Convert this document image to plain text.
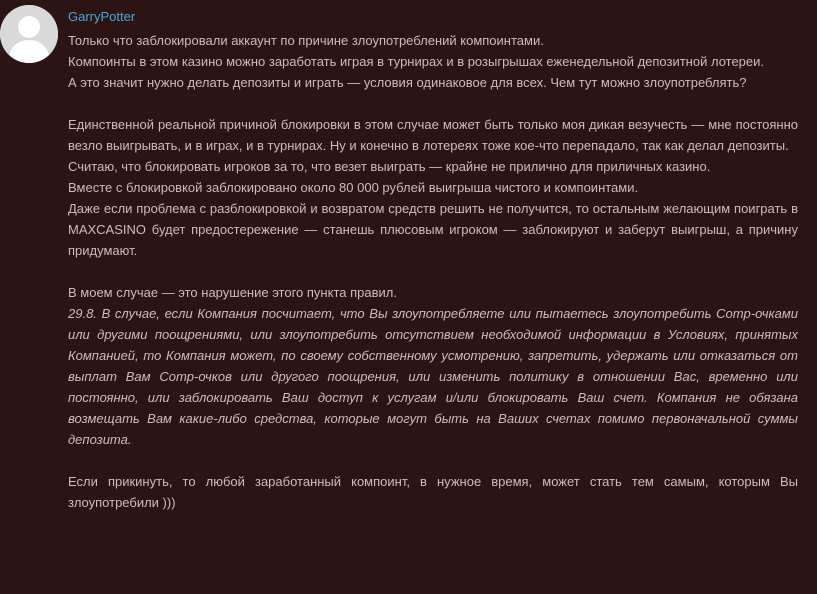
GarryPotter

Только что заблокировали аккаунт по причине злоупотреблений компоинтами.

Компоинты в этом казино можно заработать играя в турнирах и в розыгрышах еженедельной депозитной лотереи.

А это значит нужно делать депозиты и играть — условия одинаковое для всех. Чем тут можно злоупотреблять?

Единственной реальной причиной блокировки в этом случае может быть только моя дикая везучесть — мне постоянно везло выигрывать, и в играх, и в турнирах. Ну и конечно в лотереях тоже кое-что перепадало, так как делал депозиты.

Считаю, что блокировать игроков за то, что везет выиграть — крайне не прилично для приличных казино.

Вместе с блокировкой заблокировано около 80 000 рублей выигрыша чистого и компоинтами.

Даже если проблема с разблокировкой и возвратом средств решить не получится, то остальным желающим поиграть в MAXCASINO будет предостережение — станешь плюсовым игроком — заблокируют и заберут выигрыш, а причину придумают.

В моем случае — это нарушение этого пункта правил.

29.8. В случае, если Компания посчитает, что Вы злоупотребляете или пытаетесь злоупотребить Comp-очками или другими поощрениями, или злоупотребить отсутствием необходимой информации в Условиях, принятых Компанией, то Компания может, по своему собственному усмотрению, запретить, удержать или отказаться от выплат Вам Comp-очков или другого поощрения, или изменить политику в отношении Вас, временно или постоянно, или заблокировать Ваш доступ к услугам и/или блокировать Ваш счет. Компания не обязана возмещать Вам какие-либо средства, которые могут быть на Ваших счетах помимо первоначальной суммы депозита.

Если прикинуть, то любой заработанный компоинт, в нужное время, может стать тем самым, которым Вы злоупотребили )))
